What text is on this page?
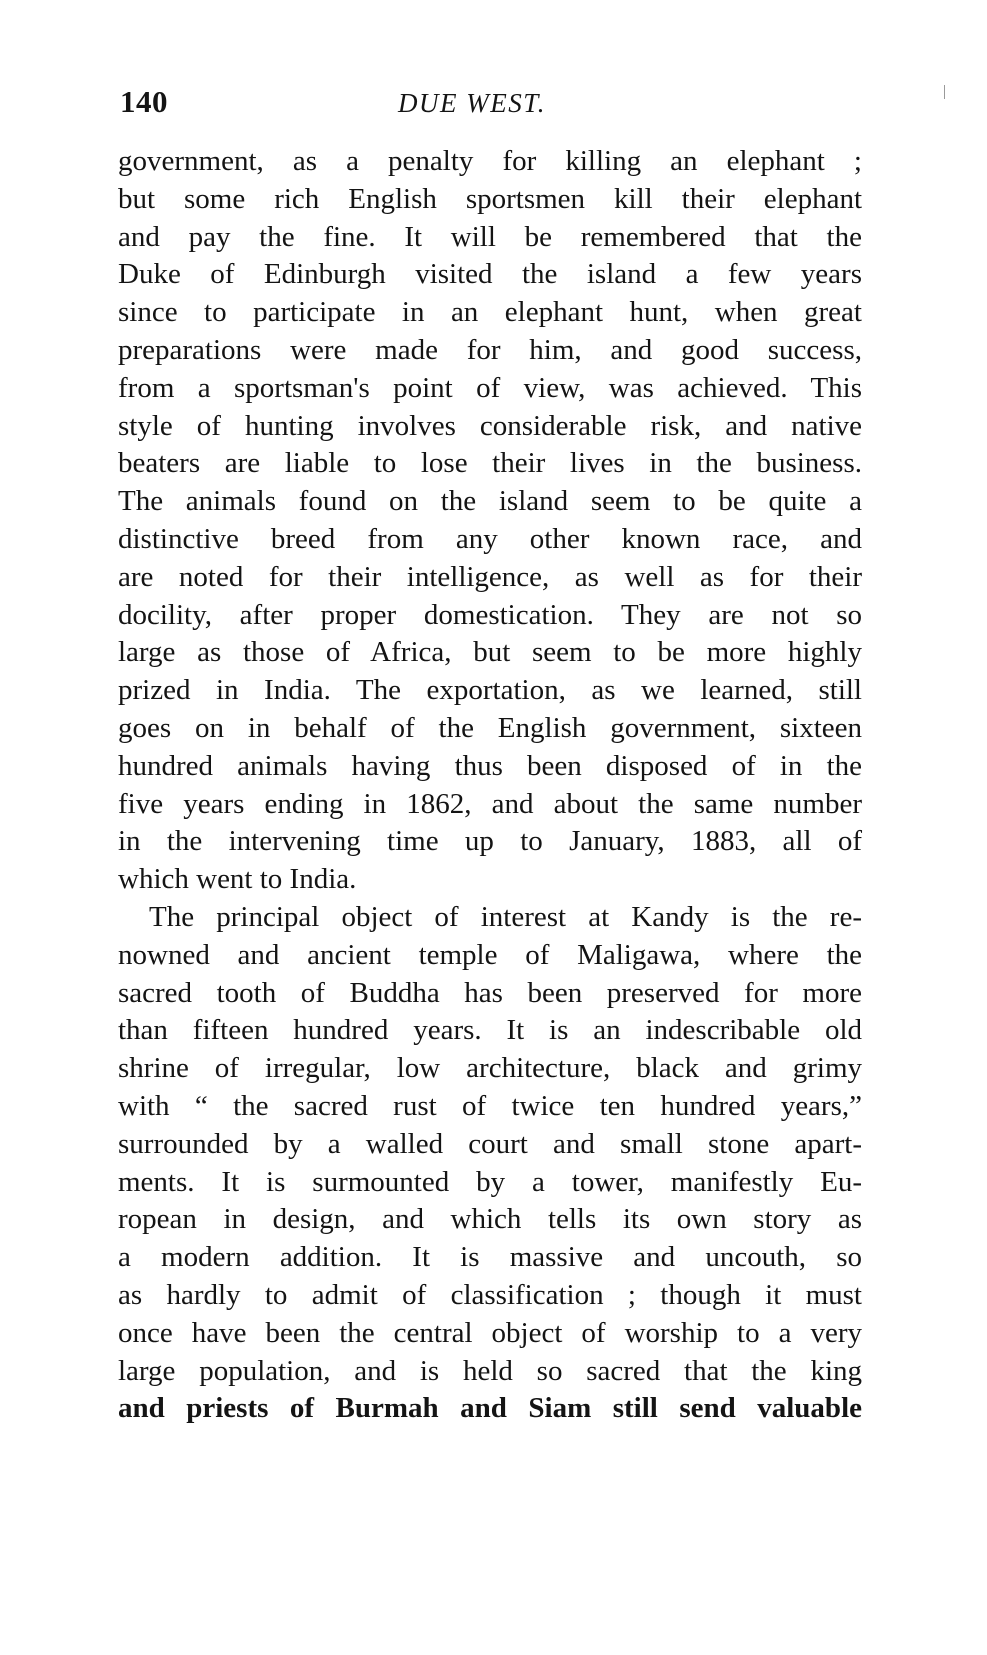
140	DUE WEST.
government, as a penalty for killing an elephant ;
but some rich English sportsmen kill their elephant
and pay the fine. It will be remembered that the
Duke of Edinburgh visited the island a few years
since to participate in an elephant hunt, when great
preparations were made for him, and good success,
from a sportsman's point of view, was achieved. This
style of hunting involves considerable risk, and native
beaters are liable to lose their lives in the business.
The animals found on the island seem to be quite a
distinctive breed from any other known race, and
are noted for their intelligence, as well as for their
docility, after proper domestication. They are not so
large as those of Africa, but seem to be more highly
prized in India. The exportation, as we learned, still
goes on in behalf of the English government, sixteen
hundred animals having thus been disposed of in the
five years ending in 1862, and about the same number
in the intervening time up to January, 1883, all of
which went to India.
The principal object of interest at Kandy is the re-
nowned and ancient temple of Maligawa, where the
sacred tooth of Buddha has been preserved for more
than fifteen hundred years. It is an indescribable old
shrine of irregular, low architecture, black and grimy
with “ the sacred rust of twice ten hundred years,”
surrounded by a walled court and small stone apart-
ments. It is surmounted by a tower, manifestly Eu-
ropean in design, and which tells its own story as
a modern addition. It is massive and uncouth, so
as hardly to admit of classification ; though it must
once have been the central object of worship to a very
large population, and is held so sacred that the king
and priests of Burmah and Siam still send valuable
